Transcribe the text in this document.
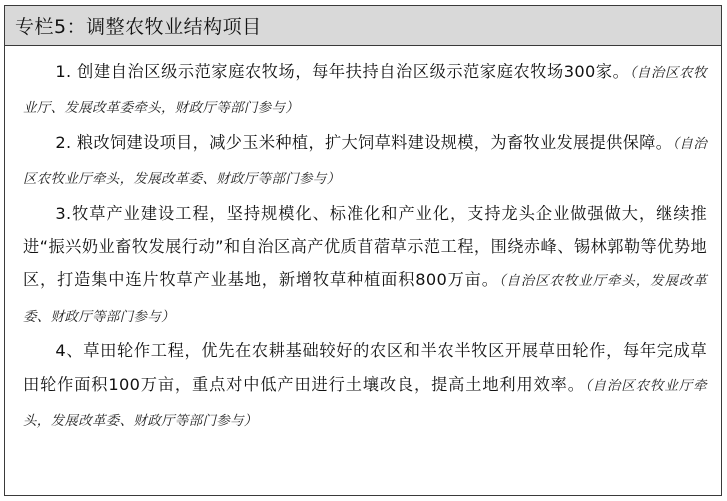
专栏5：调整农牧业结构项目

1. 创建自治区级示范家庭农牧场，每年扶持自治区级示范家庭农牧场300家。（自治区农牧业厅、发展改革委牵头，财政厅等部门参与）

2. 粮改饲建设项目，减少玉米种植，扩大饲草料建设规模，为畜牧业发展提供保障。（自治区农牧业厅牵头，发展改革委、财政厅等部门参与）

3.牧草产业建设工程，坚持规模化、标准化和产业化，支持龙头企业做强做大，继续推进“振兴奶业畜牧发展行动”和自治区高产优质苜蓿草示范工程，围绕赤峰、锡林郭勒等优势地区，打造集中连片牧草产业基地，新增牧草种植面积800万亩。（自治区农牧业厅牵头，发展改革委、财政厅等部门参与）

4、草田轮作工程，优先在农耕基础较好的农区和半农半牧区开展草田轮作，每年完成草田轮作面积100万亩，重点对中低产田进行土壤改良，提高土地利用效率。（自治区农牧业厅牵头，发展改革委、财政厅等部门参与）
